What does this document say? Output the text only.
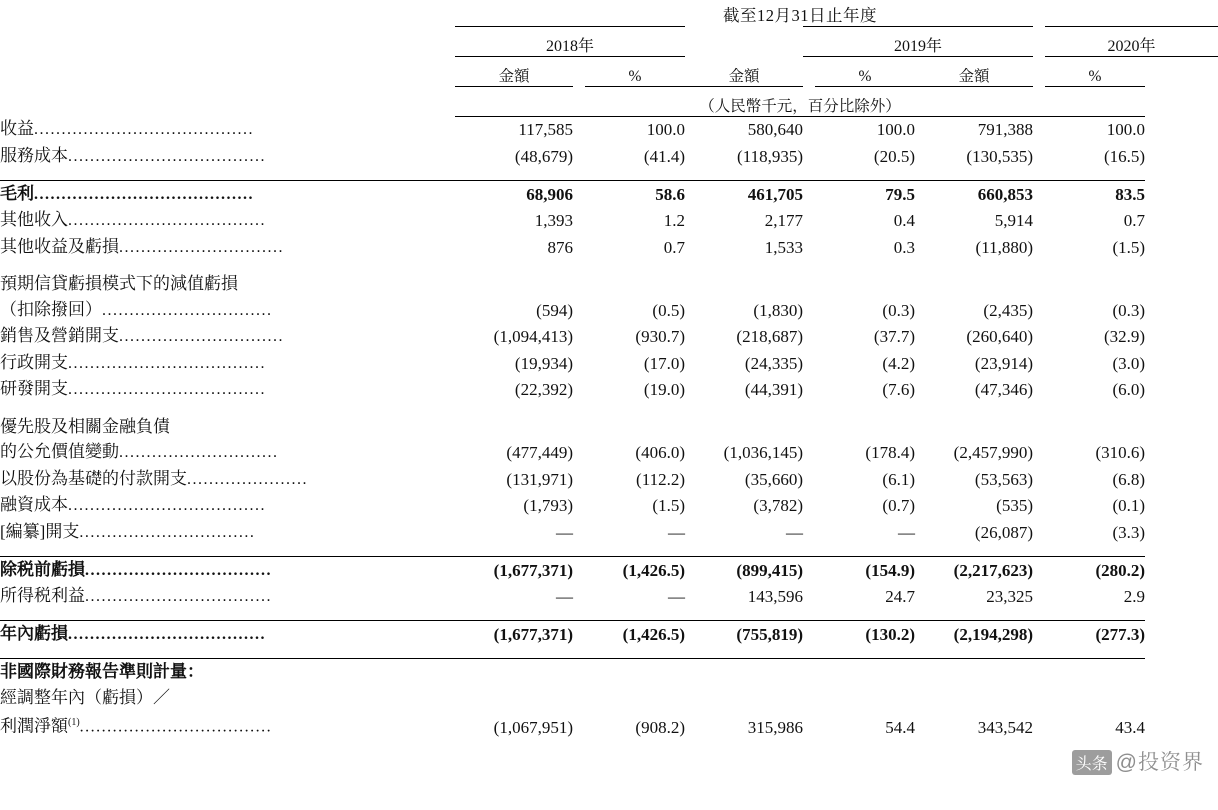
	截至12月31日止年度								
	2018年				2019年				2020年
	金額		%	金額		%	金額		%
	（人民幣千元，百分比除外）								
收益........................................	117,585		100.0	580,640		100.0	791,388		100.0
服務成本....................................	(48,679)		(41.4)	(118,935)		(20.5)	(130,535)		(16.5)

毛利........................................	68,906		58.6	461,705		79.5	660,853		83.5
其他收入....................................	1,393		1.2	2,177		0.4	5,914		0.7
其他收益及虧損..............................	876		0.7	1,533		0.3	(11,880)		(1.5)

預期信貸虧損模式下的減值虧損									
（扣除撥回）...............................	(594)		(0.5)	(1,830)		(0.3)	(2,435)		(0.3)
銷售及營銷開支..............................	(1,094,413)		(930.7)	(218,687)		(37.7)	(260,640)		(32.9)
行政開支....................................	(19,934)		(17.0)	(24,335)		(4.2)	(23,914)		(3.0)
研發開支....................................	(22,392)		(19.0)	(44,391)		(7.6)	(47,346)		(6.0)

優先股及相關金融負債									
的公允價值變動.............................	(477,449)		(406.0)	(1,036,145)		(178.4)	(2,457,990)		(310.6)
以股份為基礎的付款開支......................	(131,971)		(112.2)	(35,660)		(6.1)	(53,563)		(6.8)
融資成本....................................	(1,793)		(1.5)	(3,782)		(0.7)	(535)		(0.1)
[編纂]開支................................	—		—	—		—	(26,087)		(3.3)

除税前虧損..................................	(1,677,371)		(1,426.5)	(899,415)		(154.9)	(2,217,623)		(280.2)
所得税利益..................................	—		—	143,596		24.7	23,325		2.9

年內虧損....................................	(1,677,371)		(1,426.5)	(755,819)		(130.2)	(2,194,298)		(277.3)

非國際財務報告準則計量：									
經調整年內（虧損）／									
利潤淨額$^{(1)}$...................................	(1,067,951)		(908.2)	315,986		54.4	343,542		43.4
头条 @投资界
